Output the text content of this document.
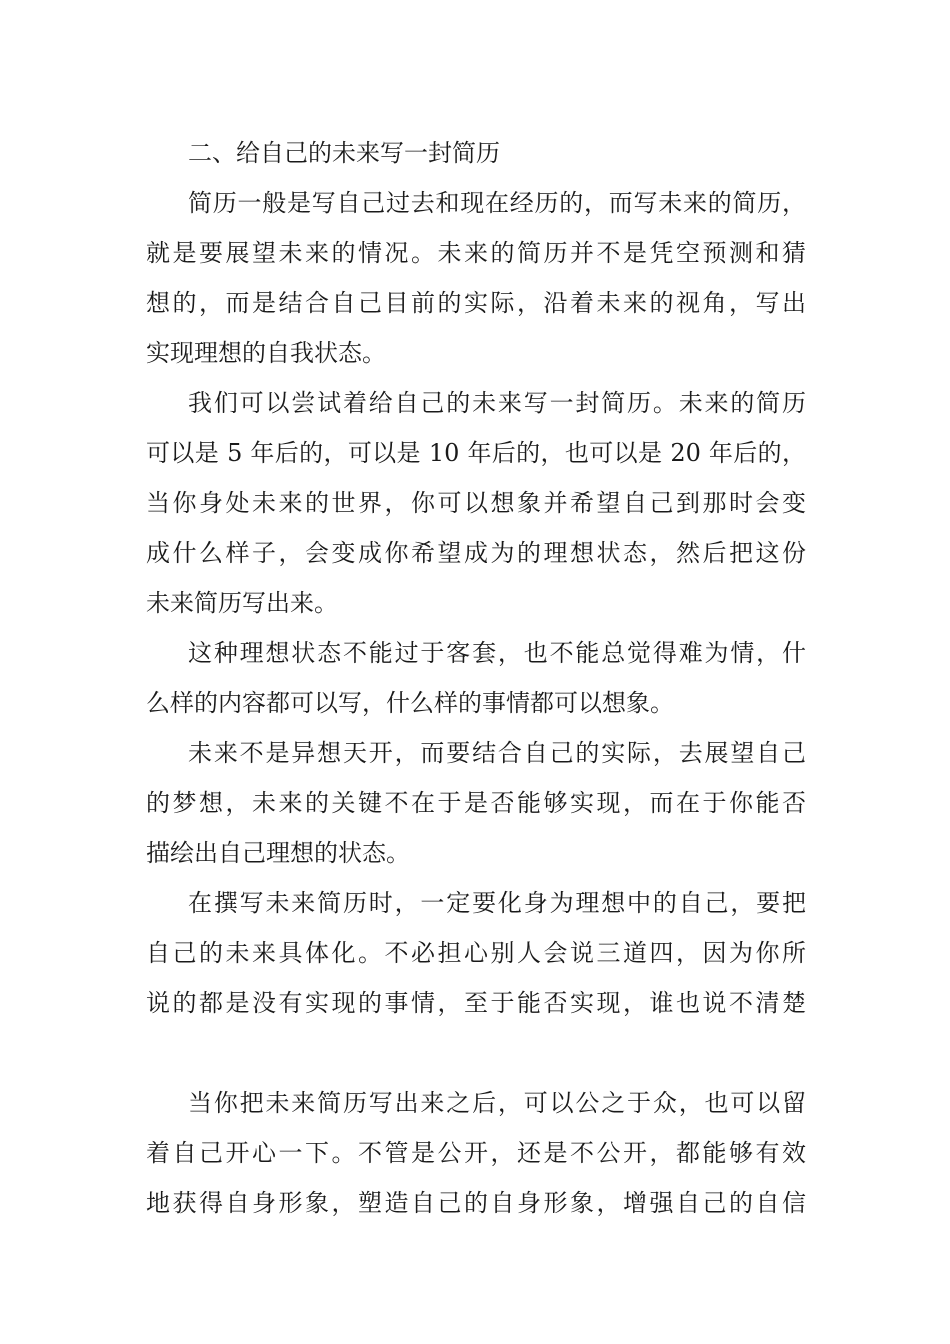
二、给自己的未来写一封简历
简历一般是写自己过去和现在经历的，而写未来的简历，
就是要展望未来的情况。未来的简历并不是凭空预测和猜
想的，而是结合自己目前的实际，沿着未来的视角，写出
实现理想的自我状态。
我们可以尝试着给自己的未来写一封简历。未来的简历
可以是 5 年后的，可以是 10 年后的，也可以是 20 年后的，
当你身处未来的世界，你可以想象并希望自己到那时会变
成什么样子，会变成你希望成为的理想状态，然后把这份
未来简历写出来。
这种理想状态不能过于客套，也不能总觉得难为情，什
么样的内容都可以写，什么样的事情都可以想象。
未来不是异想天开，而要结合自己的实际，去展望自己
的梦想，未来的关键不在于是否能够实现，而在于你能否
描绘出自己理想的状态。
在撰写未来简历时，一定要化身为理想中的自己，要把
自己的未来具体化。不必担心别人会说三道四，因为你所
说的都是没有实现的事情，至于能否实现，谁也说不清楚
当你把未来简历写出来之后，可以公之于众，也可以留
着自己开心一下。不管是公开，还是不公开，都能够有效
地获得自身形象，塑造自己的自身形象，增强自己的自信
